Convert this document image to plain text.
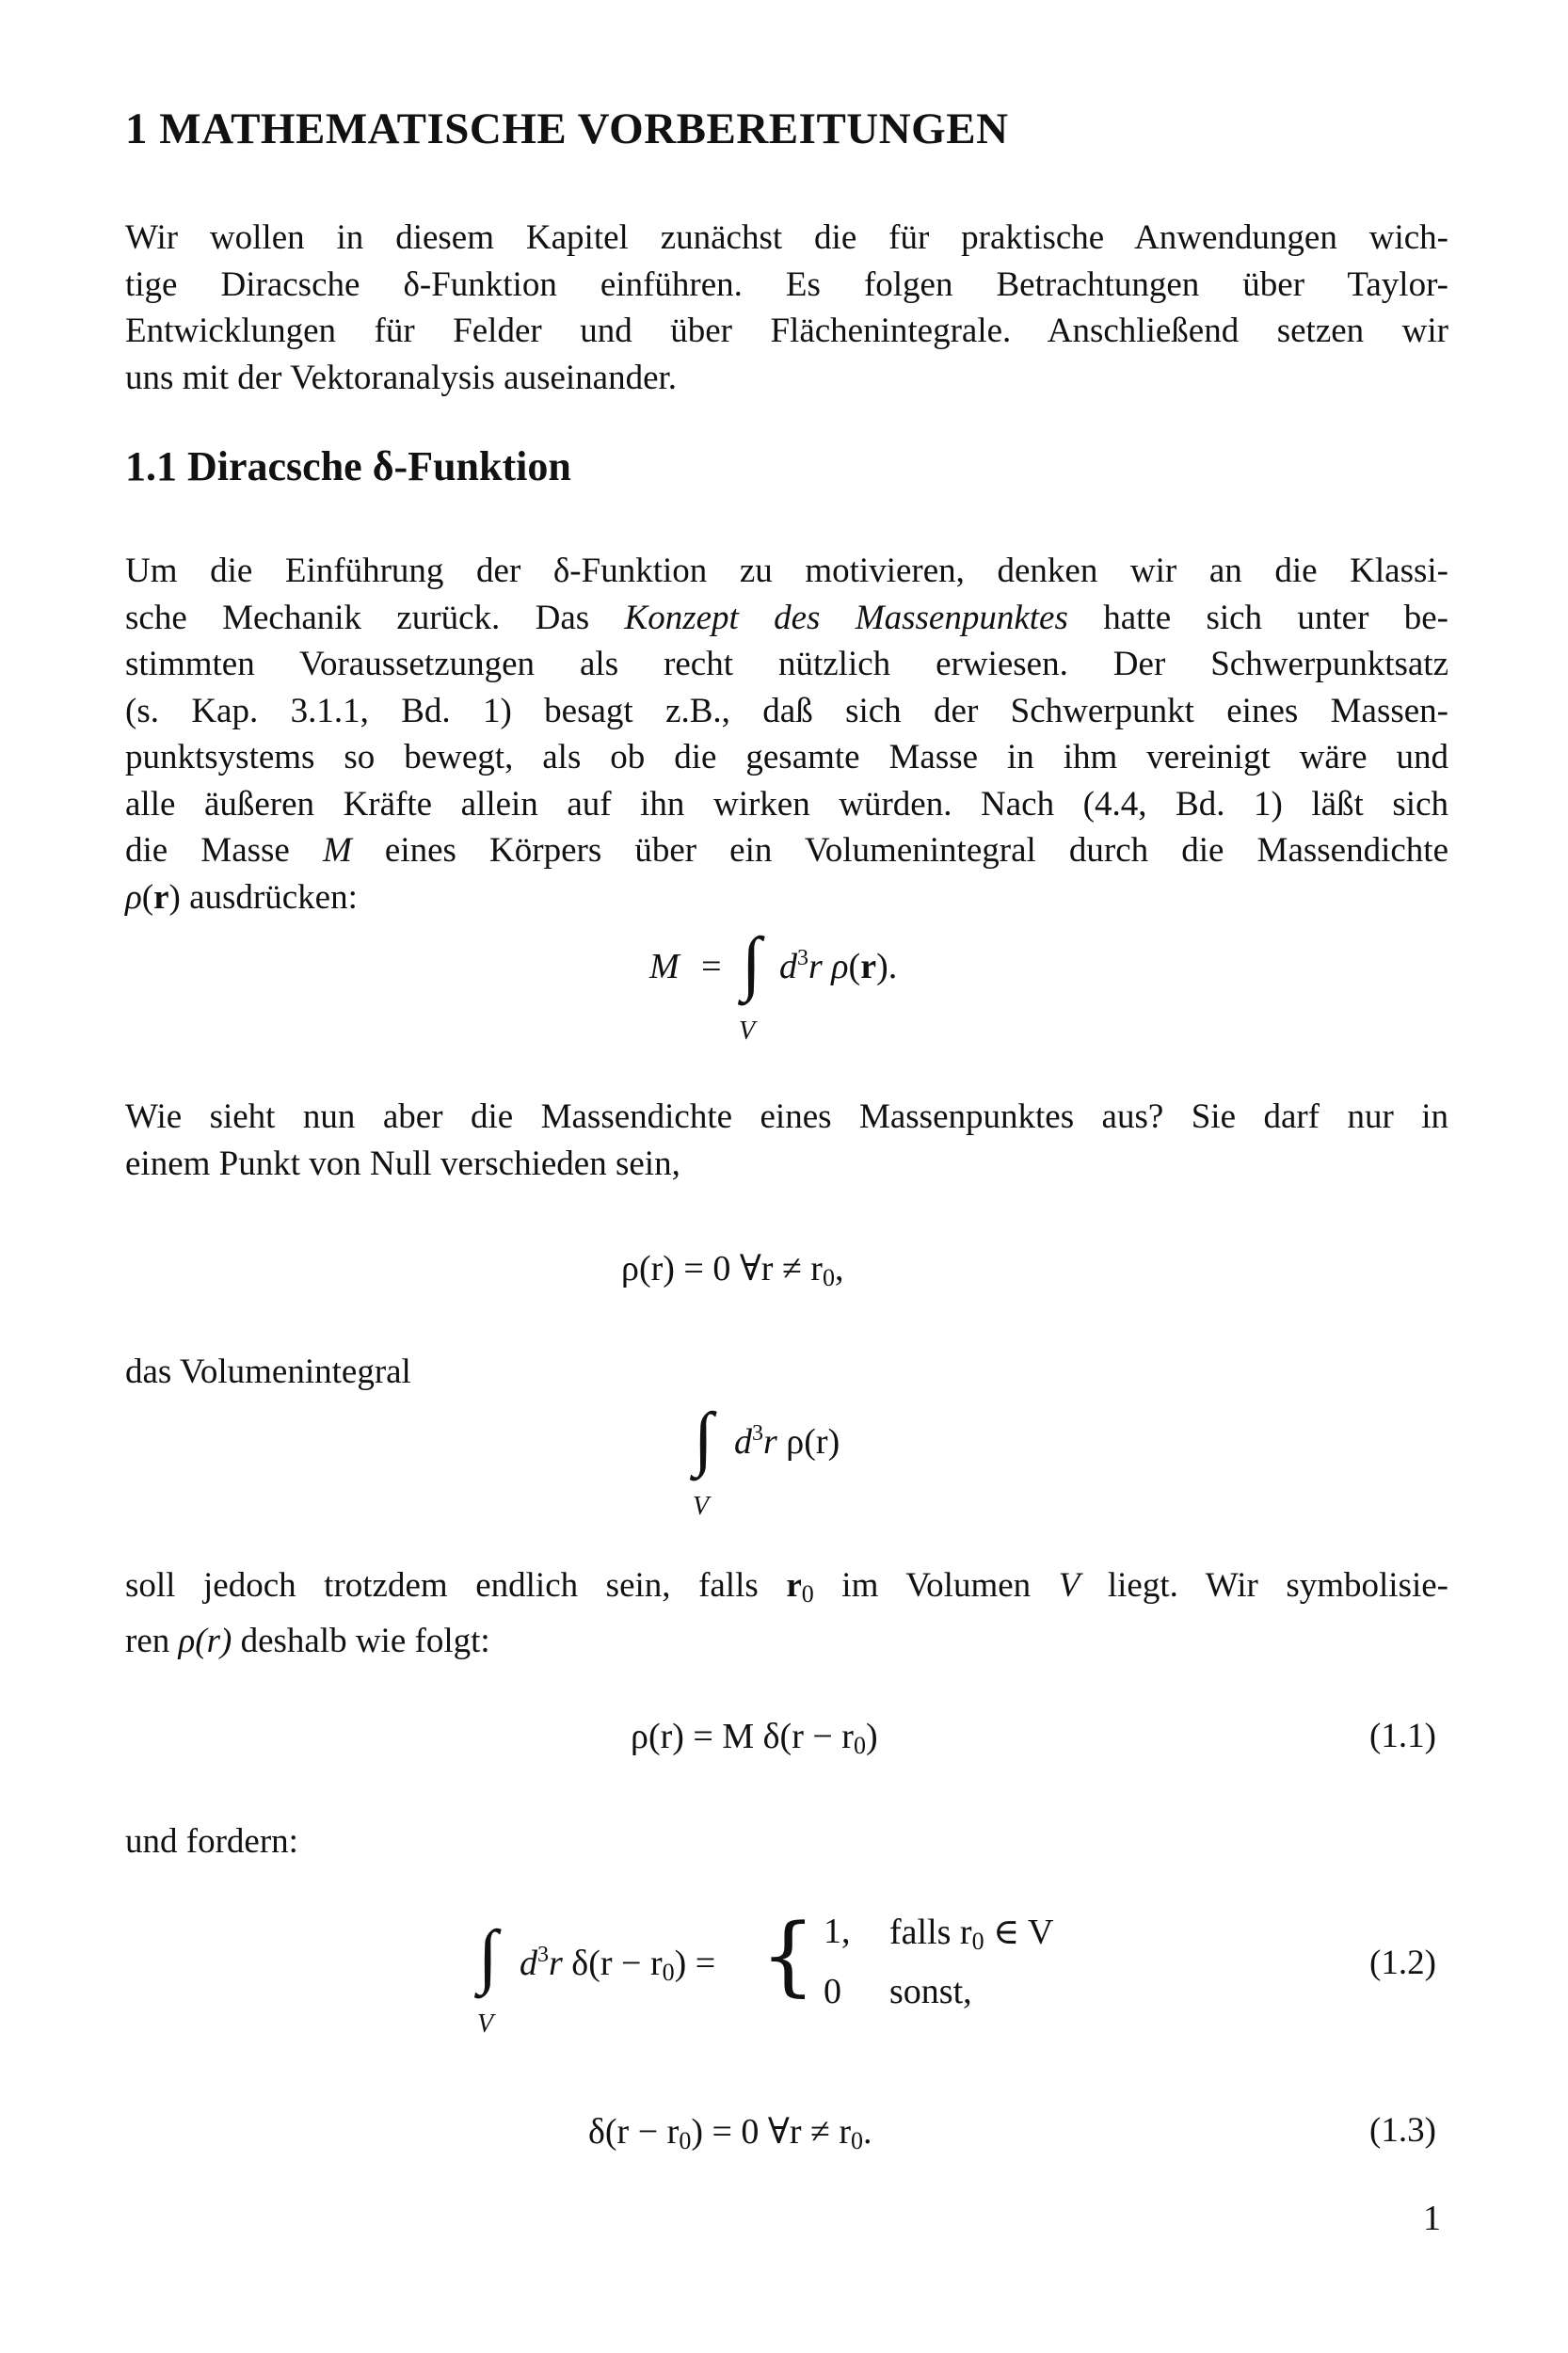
1 MATHEMATISCHE VORBEREITUNGEN
Wir wollen in diesem Kapitel zunächst die für praktische Anwendungen wich-
tige Diracsche δ-Funktion einführen. Es folgen Betrachtungen über Taylor-
Entwicklungen für Felder und über Flächenintegrale. Anschließend setzen wir
uns mit der Vektoranalysis auseinander.
1.1 Diracsche δ-Funktion
Um die Einführung der δ-Funktion zu motivieren, denken wir an die Klassi-
sche Mechanik zurück. Das Konzept des Massenpunktes hatte sich unter be-
stimmten Voraussetzungen als recht nützlich erwiesen. Der Schwerpunktsatz
(s. Kap. 3.1.1, Bd. 1) besagt z.B., daß sich der Schwerpunkt eines Massen-
punktsystems so bewegt, als ob die gesamte Masse in ihm vereinigt wäre und
alle äußeren Kräfte allein auf ihn wirken würden. Nach (4.4, Bd. 1) läßt sich
die Masse M eines Körpers über ein Volumenintegral durch die Massendichte
ρ(r) ausdrücken:
M = ∫ $d^3r$ ρ(r).
V
Wie sieht nun aber die Massendichte eines Massenpunktes aus? Sie darf nur in
einem Punkt von Null verschieden sein,
ρ(r) = 0 ∀r ≠ $r_0$,
das Volumenintegral
∫ $d^3r$ ρ(r)
V
soll jedoch trotzdem endlich sein, falls $r_0$ im Volumen V liegt. Wir symbolisie-
ren ρ(r) deshalb wie folgt:
ρ(r) = M $\delta(r - r_0)$	(1.1)
und fordern:
∫ $d^3r$ $\delta(r - r_0)$ =
V
{ 1, falls $r_0$ ∈ V
0 sonst,
(1.2)
$\delta(r - r_0) = 0$ ∀r ≠ $r_0$.	(1.3)
1
